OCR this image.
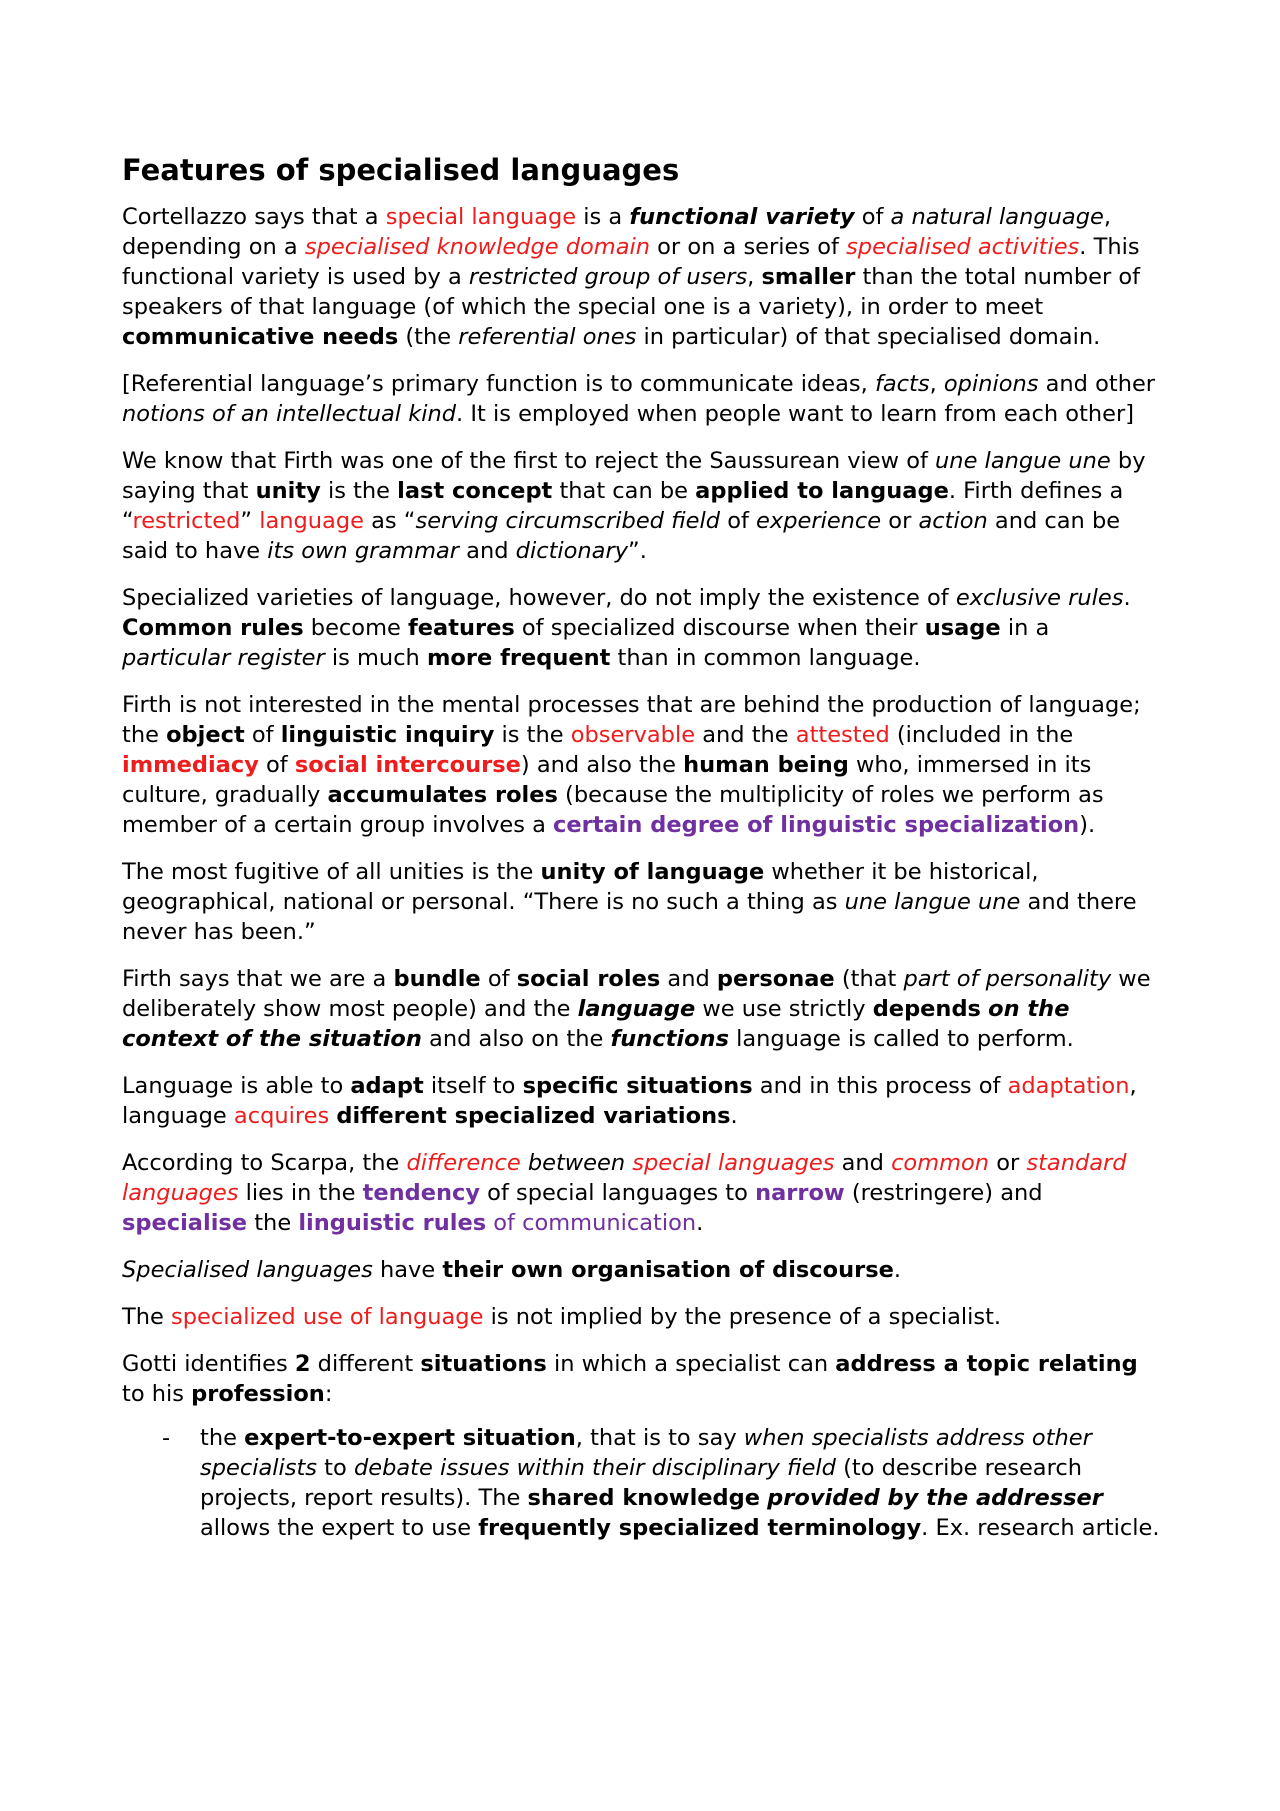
Features of specialised languages

Cortellazzo says that a special language is a functional variety of a natural language, depending on a specialised knowledge domain or on a series of specialised activities. This functional variety is used by a restricted group of users, smaller than the total number of speakers of that language (of which the special one is a variety), in order to meet communicative needs (the referential ones in particular) of that specialised domain.

[Referential language’s primary function is to communicate ideas, facts, opinions and other notions of an intellectual kind. It is employed when people want to learn from each other]

We know that Firth was one of the first to reject the Saussurean view of une langue une by saying that unity is the last concept that can be applied to language. Firth defines a “restricted” language as “serving circumscribed field of experience or action and can be said to have its own grammar and dictionary”.

Specialized varieties of language, however, do not imply the existence of exclusive rules. Common rules become features of specialized discourse when their usage in a particular register is much more frequent than in common language.

Firth is not interested in the mental processes that are behind the production of language; the object of linguistic inquiry is the observable and the attested (included in the immediacy of social intercourse) and also the human being who, immersed in its culture, gradually accumulates roles (because the multiplicity of roles we perform as member of a certain group involves a certain degree of linguistic specialization).

The most fugitive of all unities is the unity of language whether it be historical, geographical, national or personal. “There is no such a thing as une langue une and there never has been.”

Firth says that we are a bundle of social roles and personae (that part of personality we deliberately show most people) and the language we use strictly depends on the context of the situation and also on the functions language is called to perform.

Language is able to adapt itself to specific situations and in this process of adaptation, language acquires different specialized variations.

According to Scarpa, the difference between special languages and common or standard languages lies in the tendency of special languages to narrow (restringere) and specialise the linguistic rules of communication.

Specialised languages have their own organisation of discourse.

The specialized use of language is not implied by the presence of a specialist.

Gotti identifies 2 different situations in which a specialist can address a topic relating to his profession:

- the expert-to-expert situation, that is to say when specialists address other specialists to debate issues within their disciplinary field (to describe research projects, report results). The shared knowledge provided by the addresser allows the expert to use frequently specialized terminology. Ex. research article.
